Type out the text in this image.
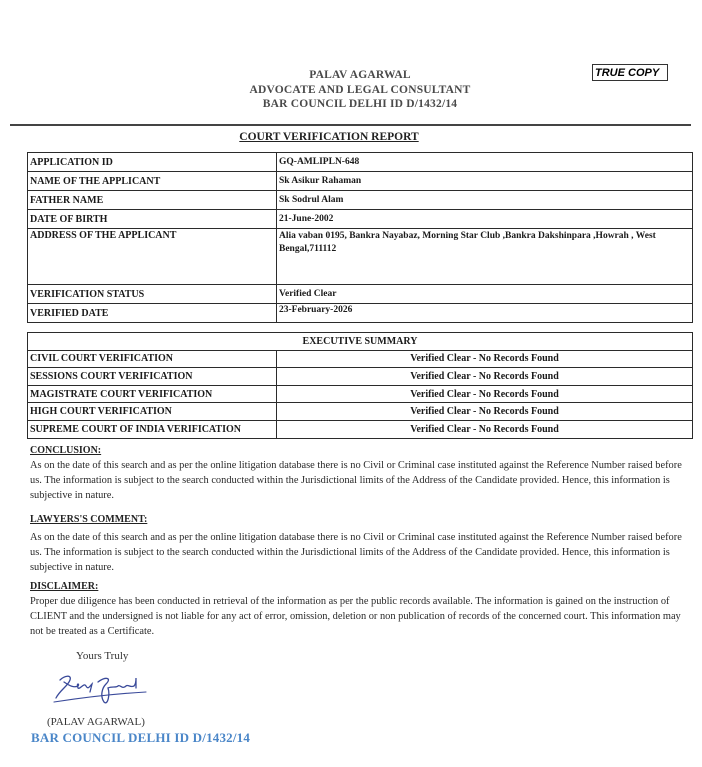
PALAV AGARWAL
ADVOCATE AND LEGAL CONSULTANT
BAR COUNCIL DELHI ID D/1432/14
TRUE COPY
COURT VERIFICATION REPORT
APPLICATION ID	GQ-AMLIPLN-648
NAME OF THE APPLICANT	Sk Asikur Rahaman
FATHER NAME	Sk Sodrul Alam
DATE OF BIRTH	21-June-2002
ADDRESS OF THE APPLICANT	Alia vaban 0195, Bankra Nayabaz, Morning Star Club ,Bankra Dakshinpara ,Howrah , West Bengal,711112
VERIFICATION STATUS	Verified Clear
VERIFIED DATE	23-February-2026
EXECUTIVE SUMMARY	
CIVIL COURT VERIFICATION	Verified Clear - No Records Found
SESSIONS COURT VERIFICATION	Verified Clear - No Records Found
MAGISTRATE COURT VERIFICATION	Verified Clear - No Records Found
HIGH COURT VERIFICATION	Verified Clear - No Records Found
SUPREME COURT OF INDIA VERIFICATION	Verified Clear - No Records Found
CONCLUSION:
As on the date of this search and as per the online litigation database there is no Civil or Criminal case instituted against the Reference Number raised before us. The information is subject to the search conducted within the Jurisdictional limits of the Address of the Candidate provided. Hence, this information is subjective in nature.
LAWYERS'S COMMENT:
As on the date of this search and as per the online litigation database there is no Civil or Criminal case instituted against the Reference Number raised before us. The information is subject to the search conducted within the Jurisdictional limits of the Address of the Candidate provided. Hence, this information is subjective in nature.
DISCLAIMER:
Proper due diligence has been conducted in retrieval of the information as per the public records available. The information is gained on the instruction of CLIENT and the undersigned is not liable for any act of error, omission, deletion or non publication of records of the concerned court. This information may not be treated as a Certificate.
Yours Truly
(PALAV AGARWAL)
BAR COUNCIL DELHI ID D/1432/14
